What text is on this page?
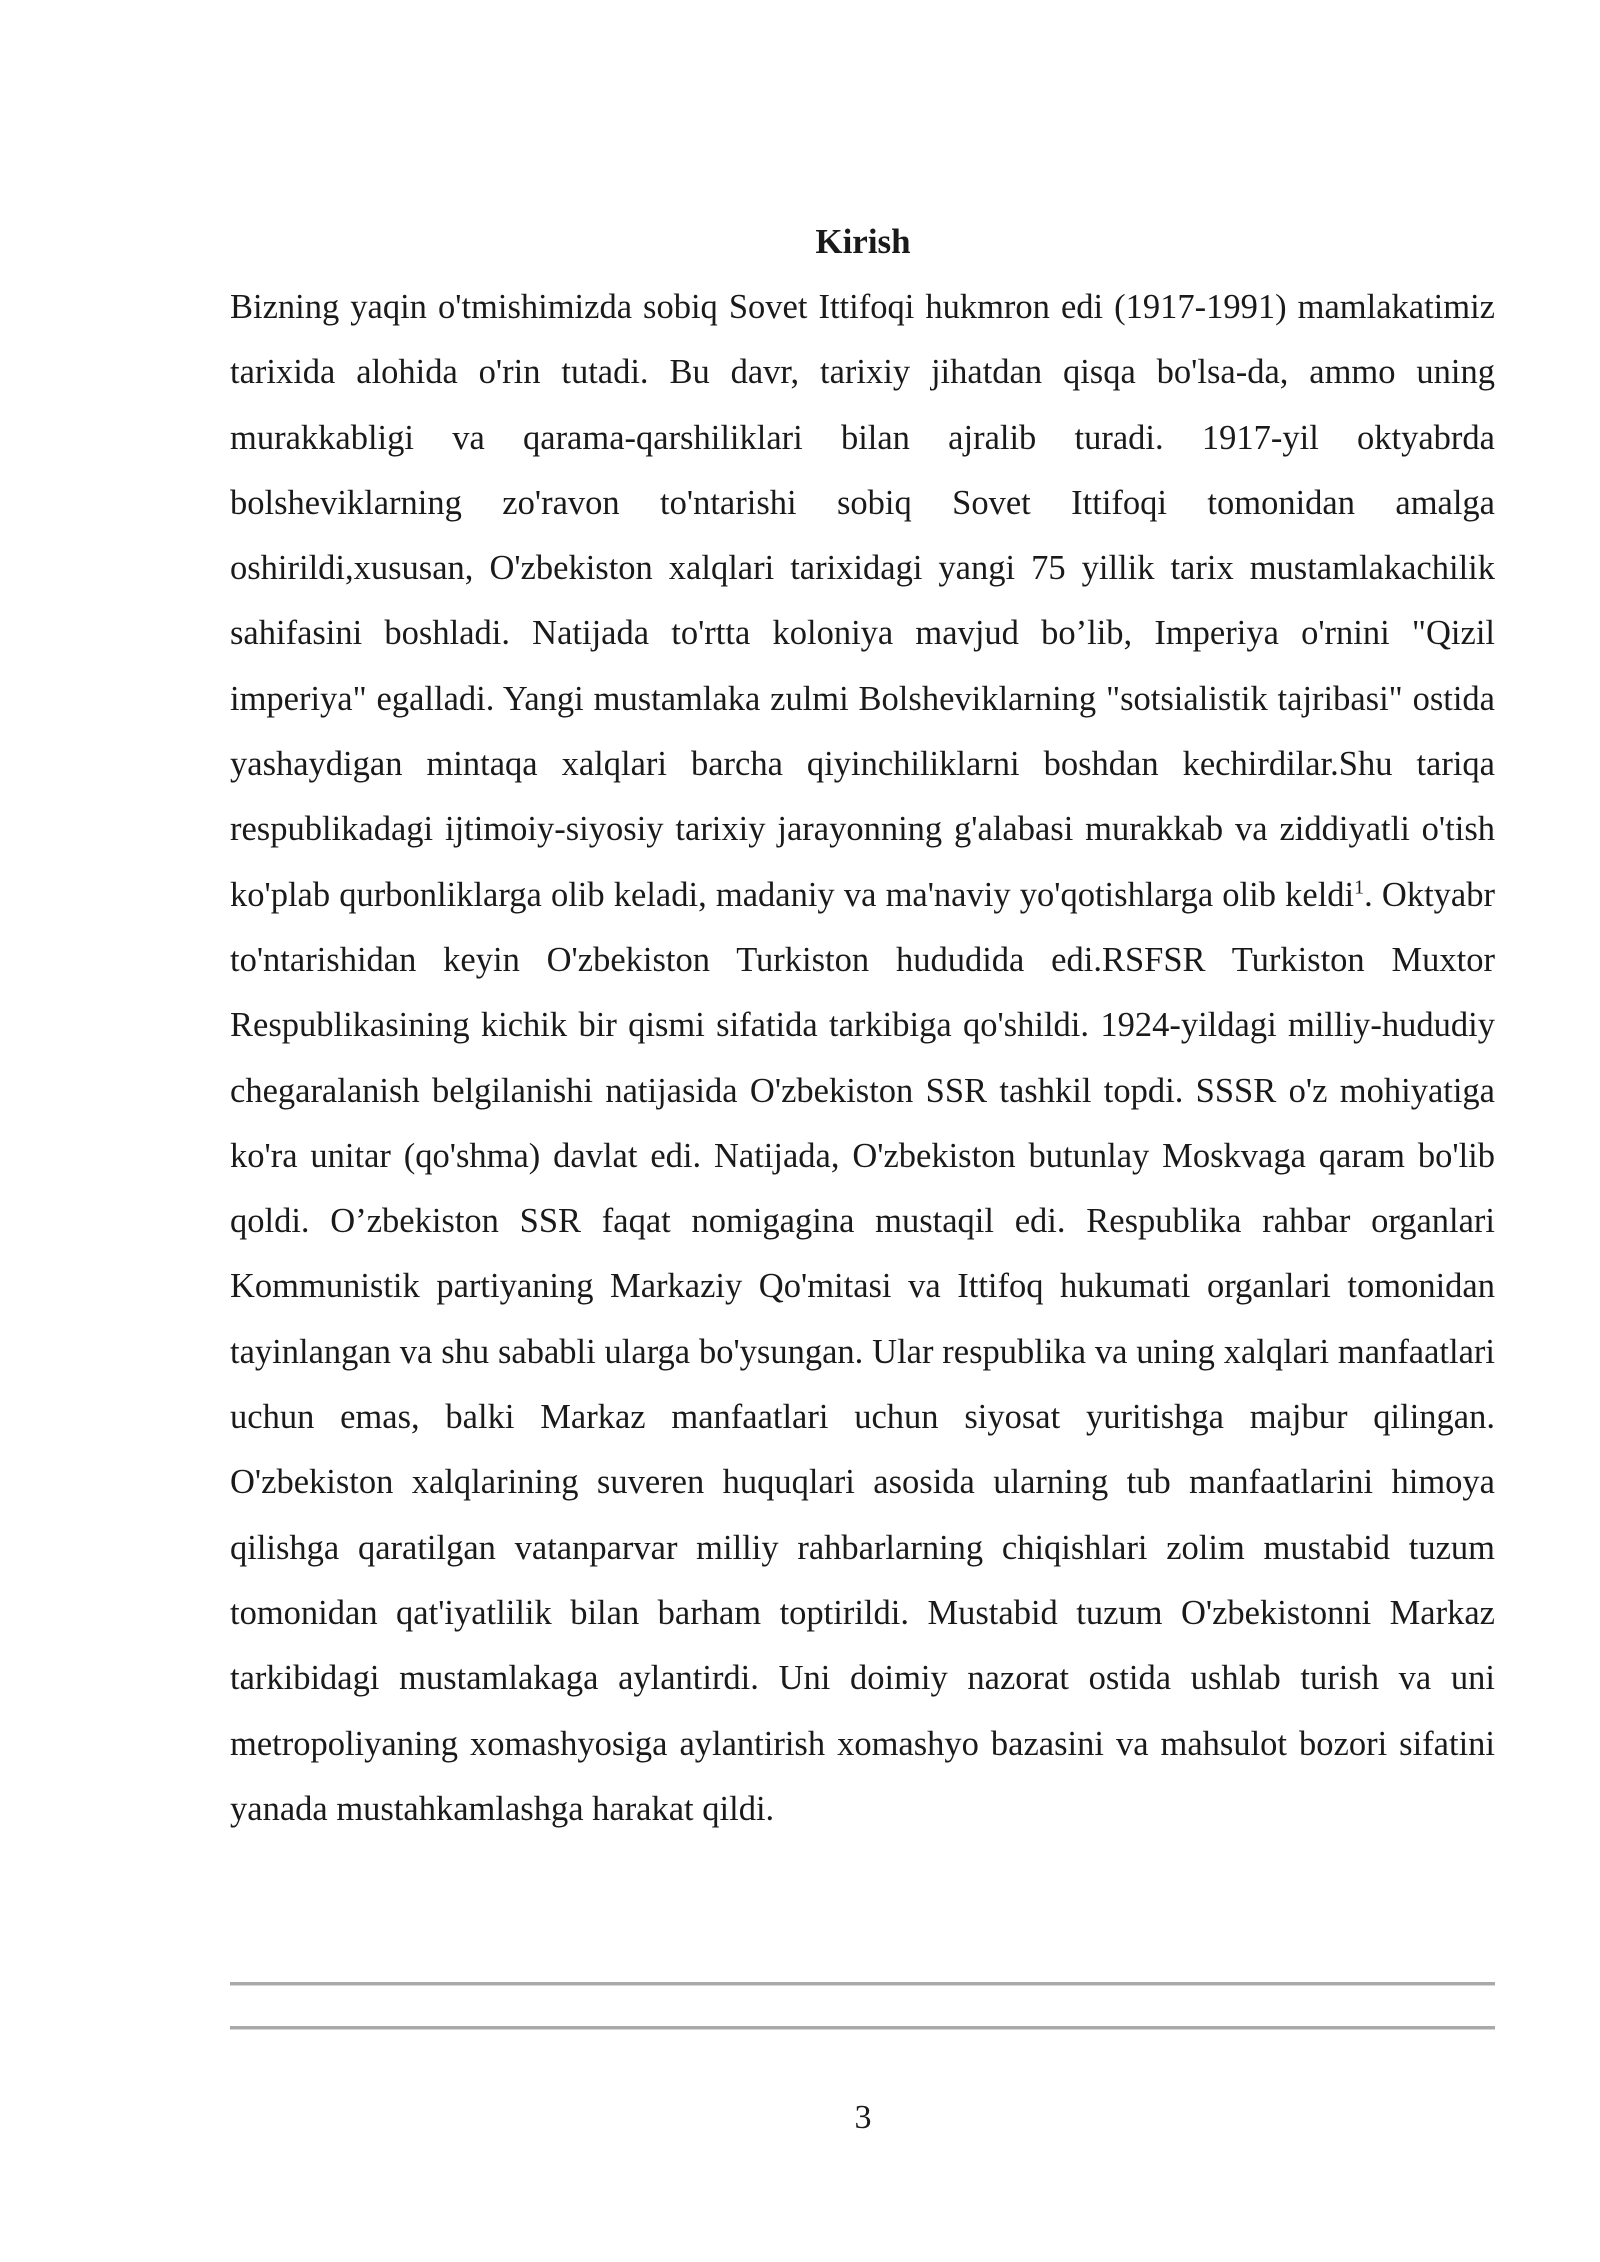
Kirish

Bizning yaqin o'tmishimizda sobiq Sovet Ittifoqi hukmron edi (1917-1991) mamlakatimiz tarixida alohida o'rin tutadi. Bu davr, tarixiy jihatdan qisqa bo'lsa-da, ammo uning murakkabligi va qarama-qarshiliklari bilan ajralib turadi. 1917-yil oktyabrda bolsheviklarning zo'ravon to'ntarishi sobiq Sovet Ittifoqi tomonidan amalga oshirildi,xususan, O'zbekiston xalqlari tarixidagi yangi 75 yillik tarix mustamlakachilik sahifasini boshladi. Natijada to'rtta koloniya mavjud bo’lib, Imperiya o'rnini "Qizil imperiya" egalladi. Yangi mustamlaka zulmi Bolsheviklarning "sotsialistik tajribasi" ostida yashaydigan mintaqa xalqlari barcha qiyinchiliklarni boshdan kechirdilar.Shu tariqa respublikadagi ijtimoiy-siyosiy tarixiy jarayonning g'alabasi murakkab va ziddiyatli o'tish ko'plab qurbonliklarga olib keladi, madaniy va ma'naviy yo'qotishlarga olib keldi$^1$. Oktyabr to'ntarishidan keyin O'zbekiston Turkiston hududida edi.RSFSR Turkiston Muxtor Respublikasining kichik bir qismi sifatida tarkibiga qo'shildi. 1924-yildagi milliy-hududiy chegaralanish belgilanishi natijasida O'zbekiston SSR tashkil topdi. SSSR o'z mohiyatiga ko'ra unitar (qo'shma) davlat edi. Natijada, O'zbekiston butunlay Moskvaga qaram bo'lib qoldi. O’zbekiston SSR faqat nomigagina mustaqil edi. Respublika rahbar organlari Kommunistik partiyaning Markaziy Qo'mitasi va Ittifoq hukumati organlari tomonidan tayinlangan va shu sababli ularga bo'ysungan. Ular respublika va uning xalqlari manfaatlari uchun emas, balki Markaz manfaatlari uchun siyosat yuritishga majbur qilingan. O'zbekiston xalqlarining suveren huquqlari asosida ularning tub manfaatlarini himoya qilishga qaratilgan vatanparvar milliy rahbarlarning chiqishlari zolim mustabid tuzum tomonidan qat'iyatlilik bilan barham toptirildi. Mustabid tuzum O'zbekistonni Markaz tarkibidagi mustamlakaga aylantirdi. Uni doimiy nazorat ostida ushlab turish va uni metropoliyaning xomashyosiga aylantirish xomashyo bazasini va mahsulot bozori sifatini yanada mustahkamlashga harakat qildi.

3
